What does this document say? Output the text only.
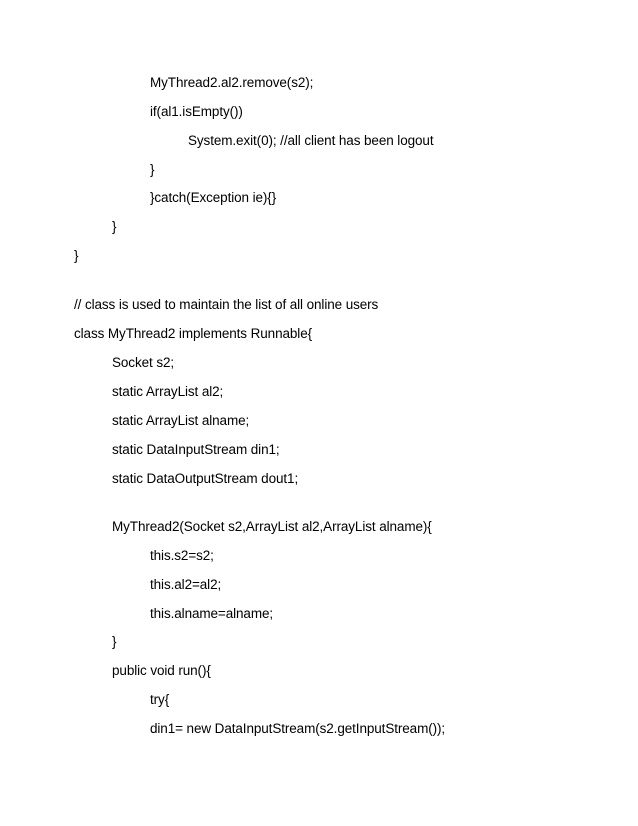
MyThread2.al2.remove(s2);
if(al1.isEmpty())
System.exit(0); //all client has been logout
}
}catch(Exception ie){}
}
}
// class is used to maintain the list of all online users
class MyThread2 implements Runnable{
Socket s2;
static ArrayList al2;
static ArrayList alname;
static DataInputStream din1;
static DataOutputStream dout1;
MyThread2(Socket s2,ArrayList al2,ArrayList alname){
this.s2=s2;
this.al2=al2;
this.alname=alname;
}
public void run(){
try{
din1= new DataInputStream(s2.getInputStream());
